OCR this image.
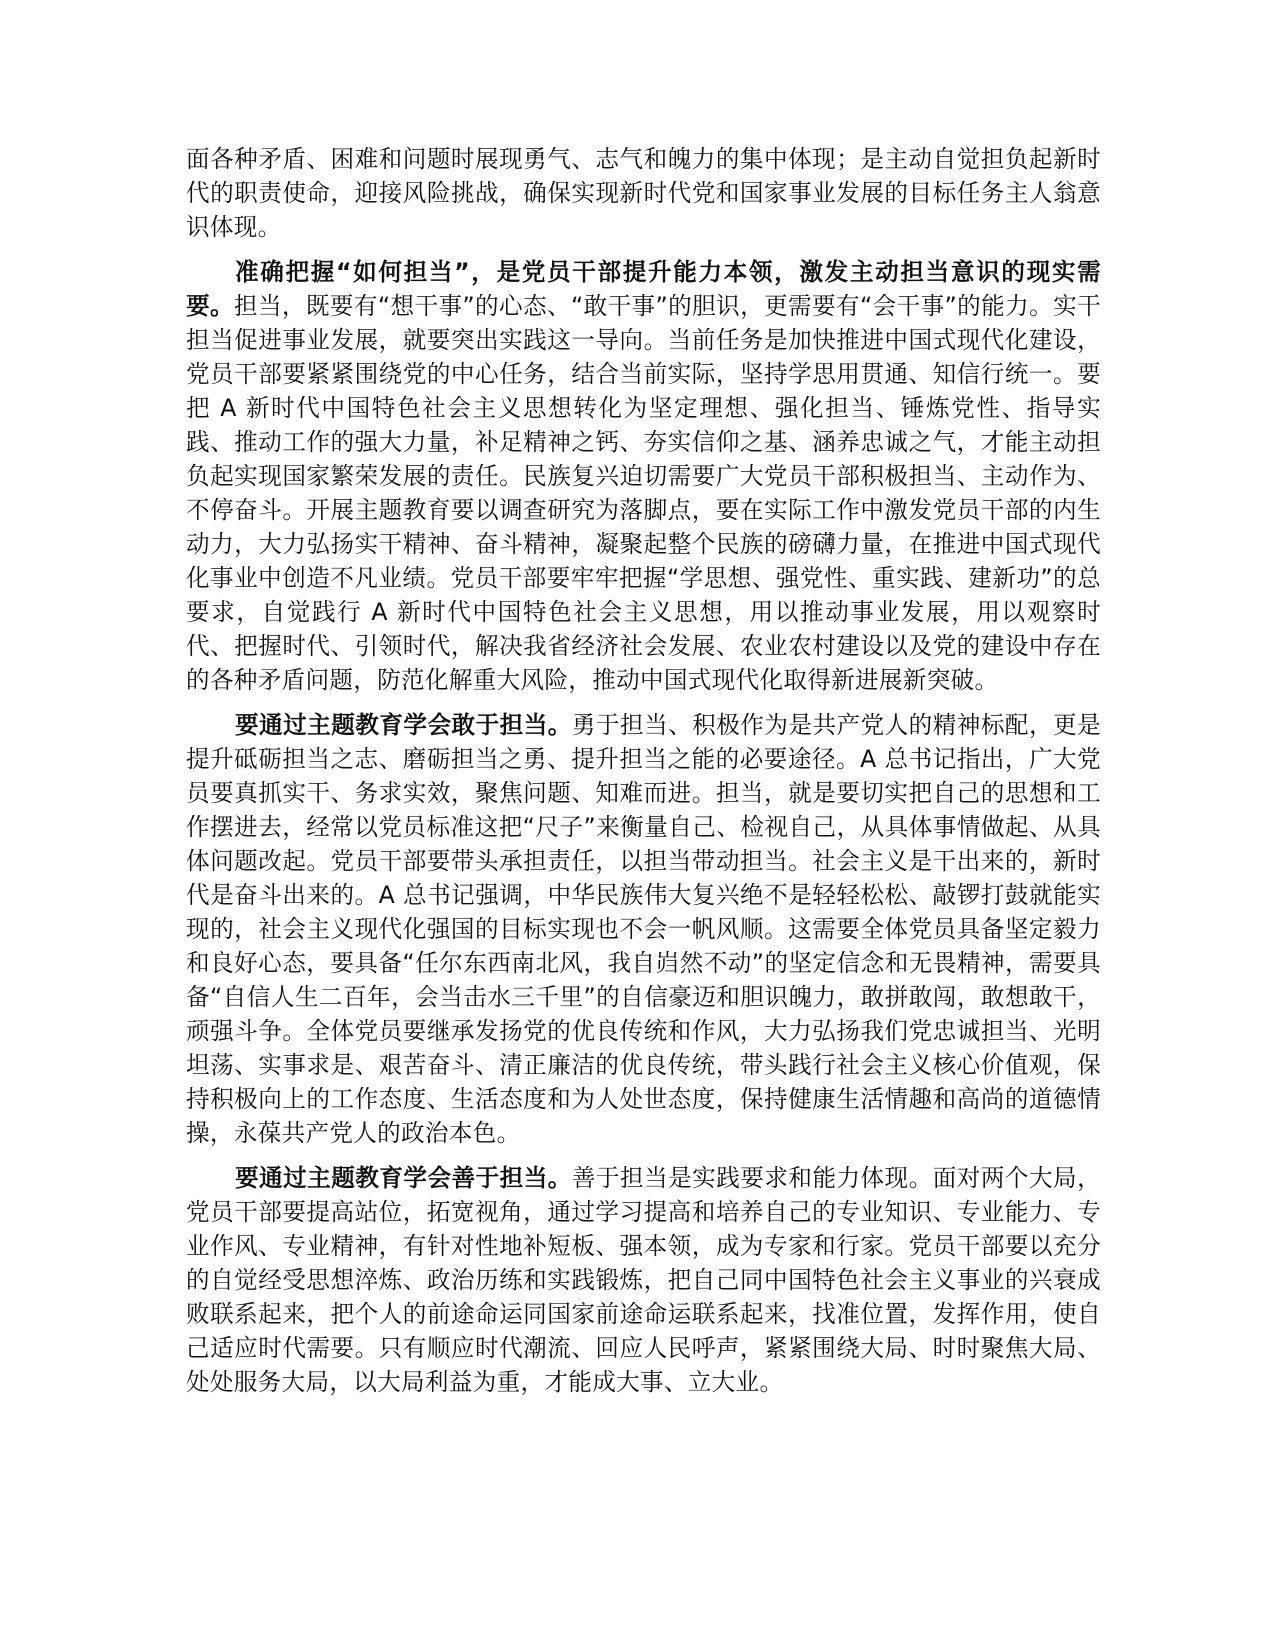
面各种矛盾、困难和问题时展现勇气、志气和魄力的集中体现；是主动自觉担负起新时代的职责使命，迎接风险挑战，确保实现新时代党和国家事业发展的目标任务主人翁意识体现。

准确把握“如何担当”，是党员干部提升能力本领，激发主动担当意识的现实需要。担当，既要有“想干事”的心态、“敢干事”的胆识，更需要有“会干事”的能力。实干担当促进事业发展，就要突出实践这一导向。当前任务是加快推进中国式现代化建设，党员干部要紧紧围绕党的中心任务，结合当前实际，坚持学思用贯通、知信行统一。要把 A 新时代中国特色社会主义思想转化为坚定理想、强化担当、锤炼党性、指导实践、推动工作的强大力量，补足精神之钙、夯实信仰之基、涵养忠诚之气，才能主动担负起实现国家繁荣发展的责任。民族复兴迫切需要广大党员干部积极担当、主动作为、不停奋斗。开展主题教育要以调查研究为落脚点，要在实际工作中激发党员干部的内生动力，大力弘扬实干精神、奋斗精神，凝聚起整个民族的磅礴力量，在推进中国式现代化事业中创造不凡业绩。党员干部要牢牢把握“学思想、强党性、重实践、建新功”的总要求，自觉践行 A 新时代中国特色社会主义思想，用以推动事业发展，用以观察时代、把握时代、引领时代，解决我省经济社会发展、农业农村建设以及党的建设中存在的各种矛盾问题，防范化解重大风险，推动中国式现代化取得新进展新突破。

要通过主题教育学会敢于担当。勇于担当、积极作为是共产党人的精神标配，更是提升砥砺担当之志、磨砺担当之勇、提升担当之能的必要途径。A 总书记指出，广大党员要真抓实干、务求实效，聚焦问题、知难而进。担当，就是要切实把自己的思想和工作摆进去，经常以党员标准这把“尺子”来衡量自己、检视自己，从具体事情做起、从具体问题改起。党员干部要带头承担责任，以担当带动担当。社会主义是干出来的，新时代是奋斗出来的。A 总书记强调，中华民族伟大复兴绝不是轻轻松松、敲锣打鼓就能实现的，社会主义现代化强国的目标实现也不会一帆风顺。这需要全体党员具备坚定毅力和良好心态，要具备“任尔东西南北风，我自岿然不动”的坚定信念和无畏精神，需要具备“自信人生二百年，会当击水三千里”的自信豪迈和胆识魄力，敢拼敢闯，敢想敢干，顽强斗争。全体党员要继承发扬党的优良传统和作风，大力弘扬我们党忠诚担当、光明坦荡、实事求是、艰苦奋斗、清正廉洁的优良传统，带头践行社会主义核心价值观，保持积极向上的工作态度、生活态度和为人处世态度，保持健康生活情趣和高尚的道德情操，永葆共产党人的政治本色。

要通过主题教育学会善于担当。善于担当是实践要求和能力体现。面对两个大局，党员干部要提高站位，拓宽视角，通过学习提高和培养自己的专业知识、专业能力、专业作风、专业精神，有针对性地补短板、强本领，成为专家和行家。党员干部要以充分的自觉经受思想淬炼、政治历练和实践锻炼，把自己同中国特色社会主义事业的兴衰成败联系起来，把个人的前途命运同国家前途命运联系起来，找准位置，发挥作用，使自己适应时代需要。只有顺应时代潮流、回应人民呼声，紧紧围绕大局、时时聚焦大局、处处服务大局，以大局利益为重，才能成大事、立大业。
